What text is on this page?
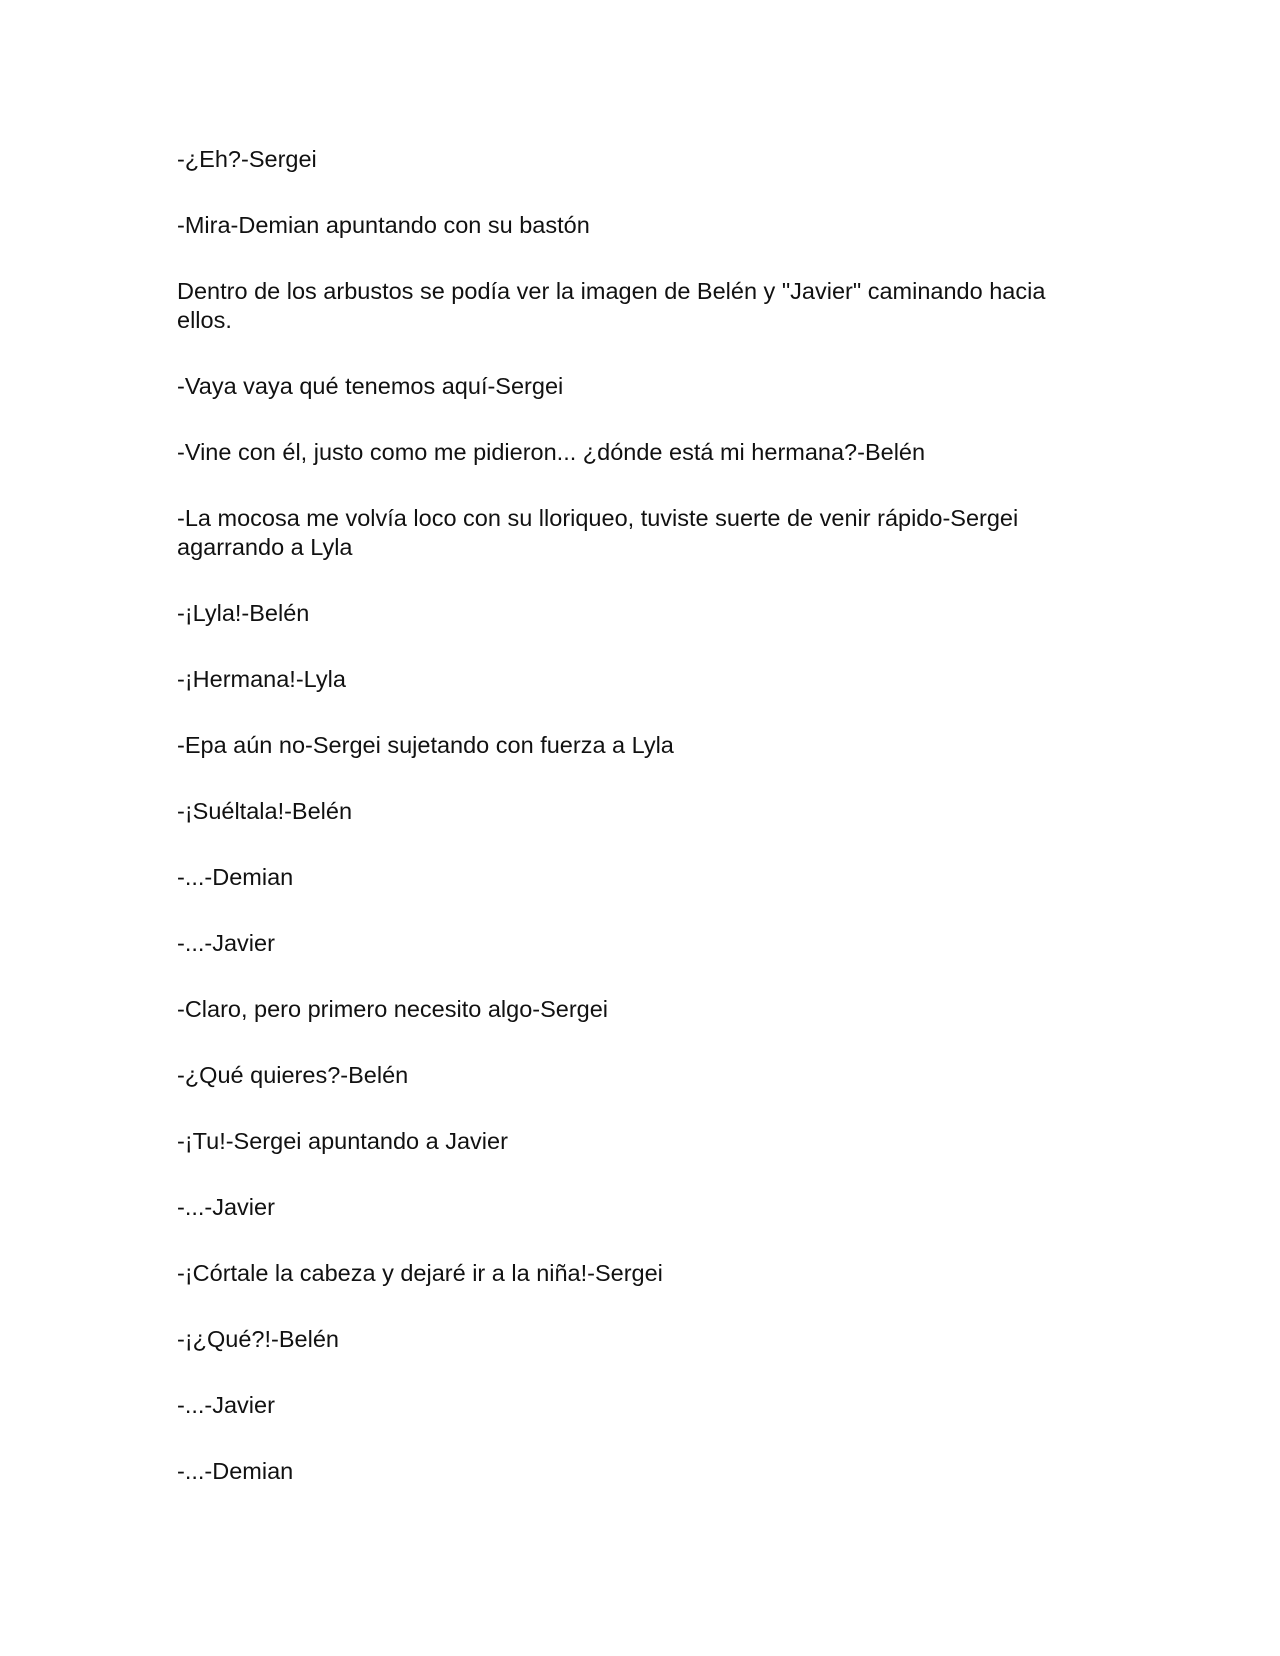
-¿Eh?-Sergei

-Mira-Demian apuntando con su bastón

Dentro de los arbustos se podía ver la imagen de Belén y "Javier" caminando hacia ellos.

-Vaya vaya qué tenemos aquí-Sergei

-Vine con él, justo como me pidieron... ¿dónde está mi hermana?-Belén

-La mocosa me volvía loco con su lloriqueo, tuviste suerte de venir rápido-Sergei agarrando a Lyla

-¡Lyla!-Belén

-¡Hermana!-Lyla

-Epa aún no-Sergei sujetando con fuerza a Lyla

-¡Suéltala!-Belén

-...-Demian

-...-Javier

-Claro, pero primero necesito algo-Sergei

-¿Qué quieres?-Belén

-¡Tu!-Sergei apuntando a Javier

-...-Javier

-¡Córtale la cabeza y dejaré ir a la niña!-Sergei

-¡¿Qué?!-Belén

-...-Javier

-...-Demian
